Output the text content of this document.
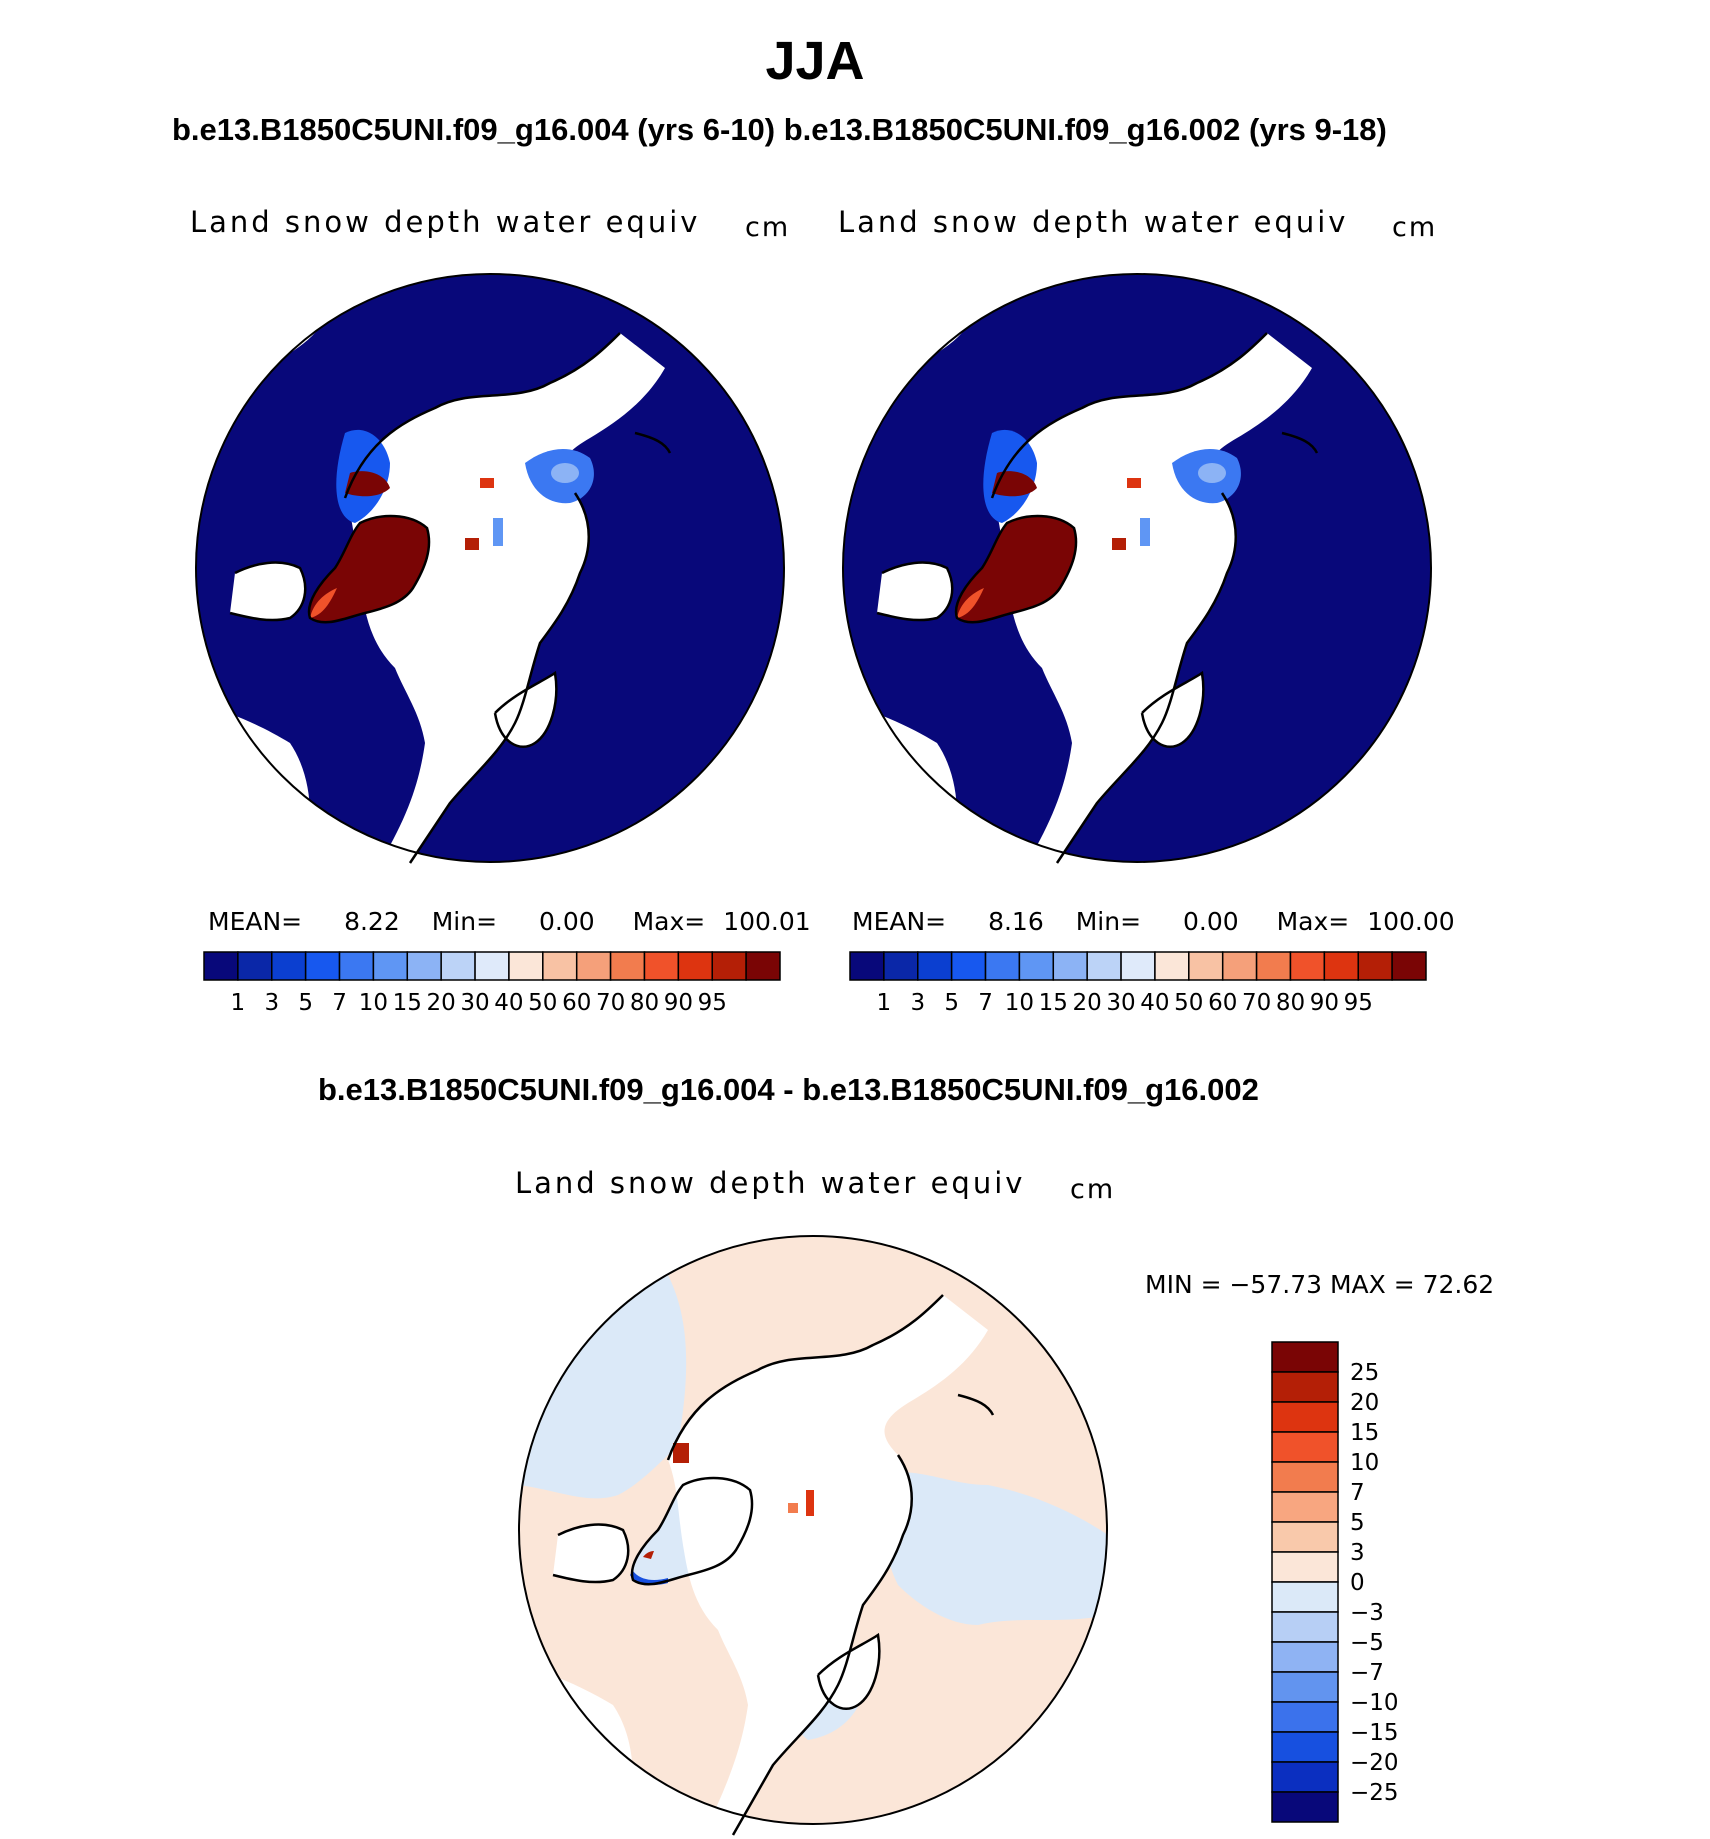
JJA
b.e13.B1850C5UNI.f09_g16.004 (yrs 6-10) b.e13.B1850C5UNI.f09_g16.002 (yrs 9-18)
Land snow depth water equiv cm
MEAN= 8.22 Min= 0.00 Max= 100.01
1 3 5 7 10 15 20 30 40 50 60 70 80 90 95
Land snow depth water equiv cm
MEAN= 8.16 Min= 0.00 Max= 100.00
1 3 5 7 10 15 20 30 40 50 60 70 80 90 95
b.e13.B1850C5UNI.f09_g16.004 - b.e13.B1850C5UNI.f09_g16.002
Land snow depth water equiv cm
MIN = −57.73 MAX = 72.62
25
20
15
10
7
5
3
0
−3
−5
−7
−10
−15
−20
−25
